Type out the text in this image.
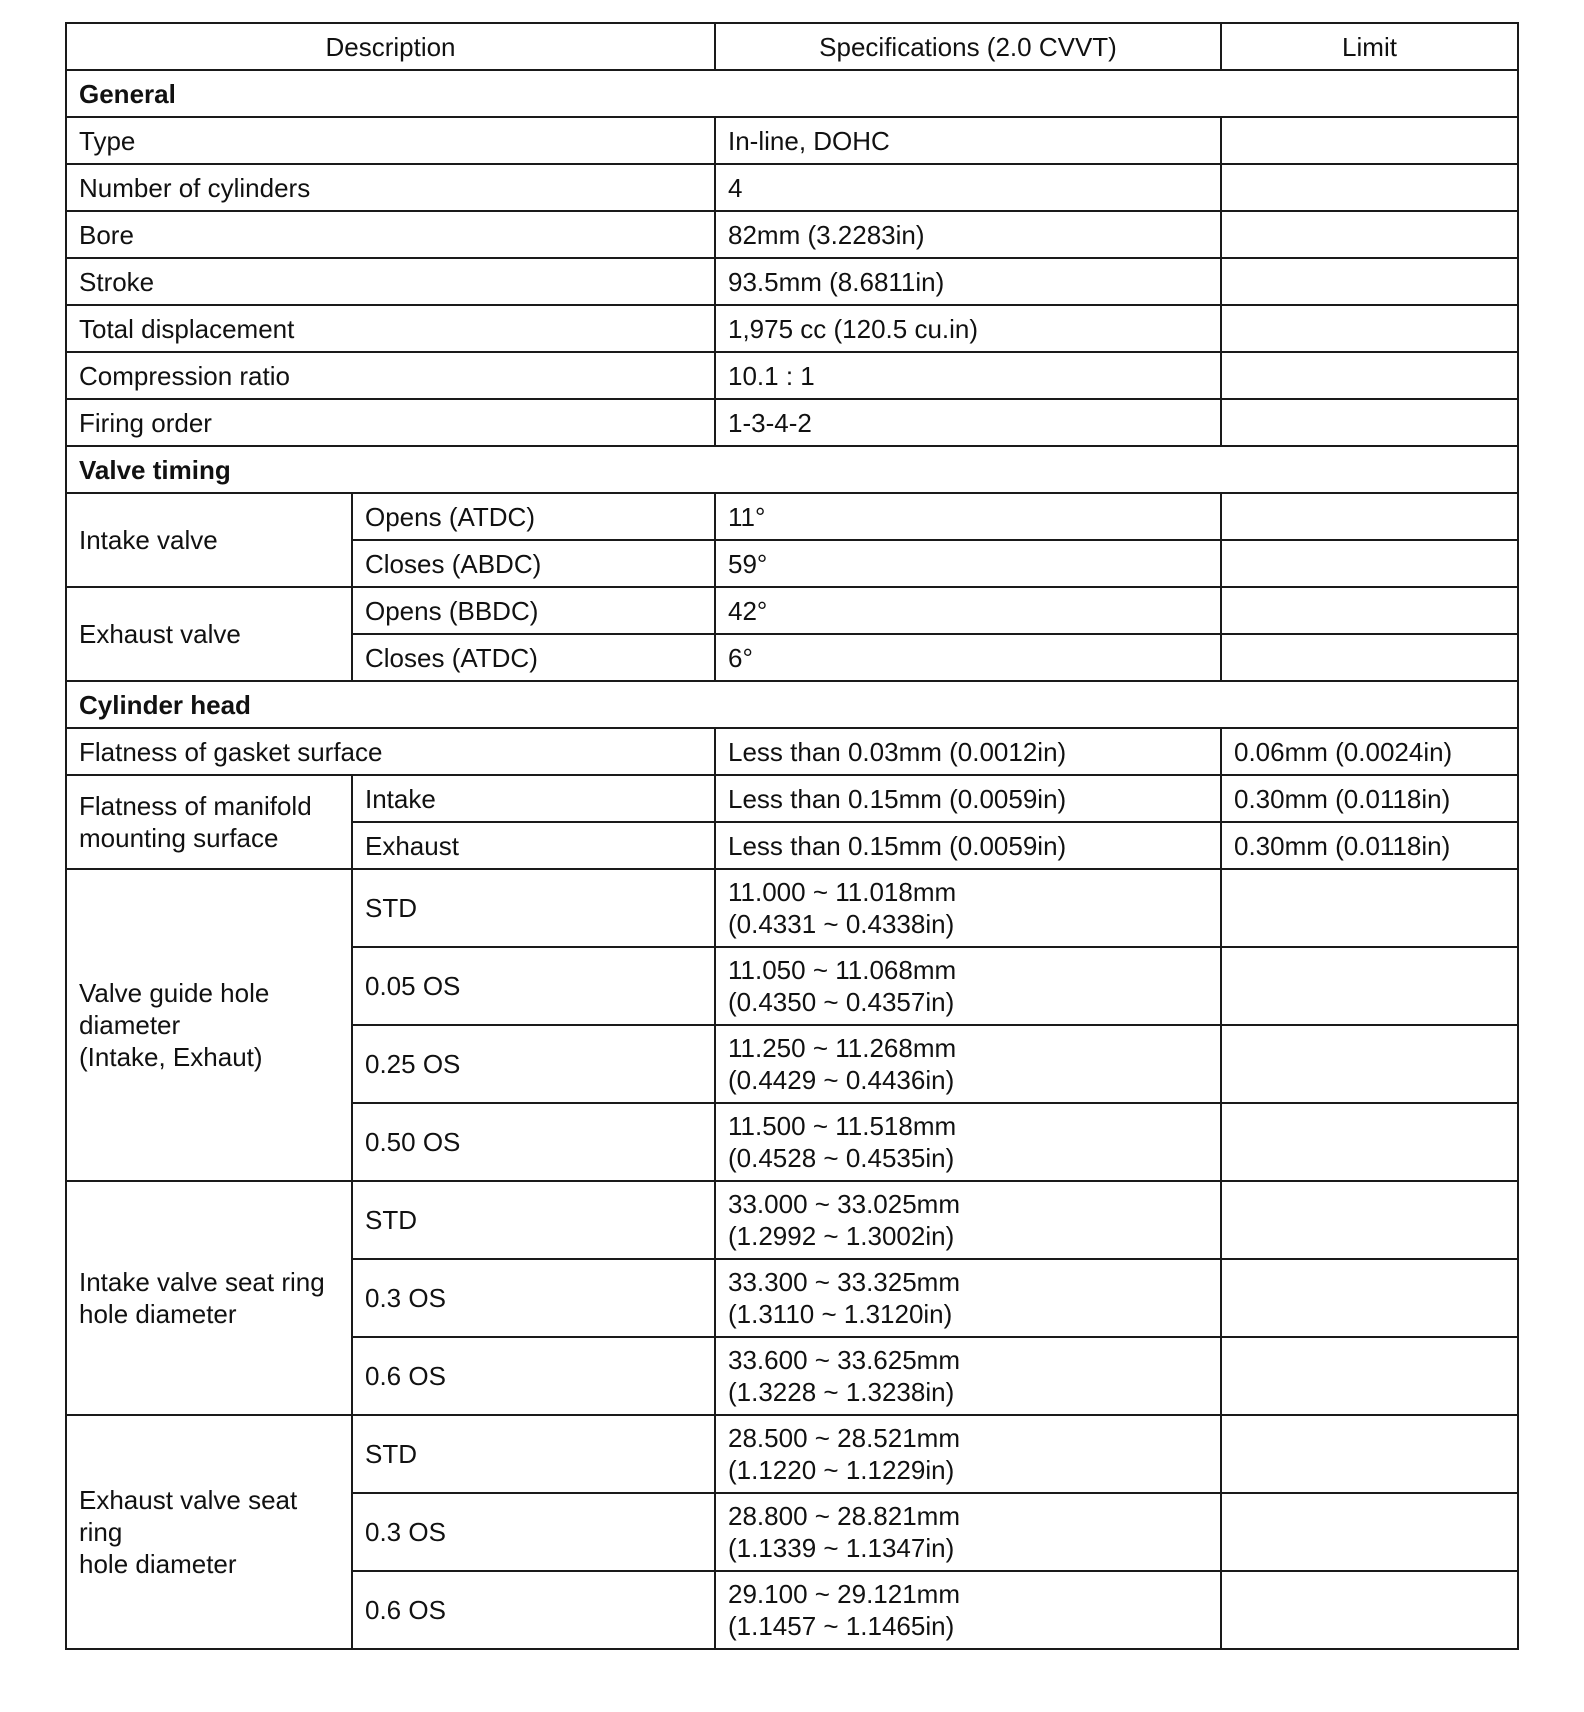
Description		Specifications (2.0 CVVT)	Limit
General			
Type		In-line, DOHC	
Number of cylinders		4	
Bore		82mm (3.2283in)	
Stroke		93.5mm (8.6811in)	
Total displacement		1,975 cc (120.5 cu.in)	
Compression ratio		10.1 : 1	
Firing order		1-3-4-2	
Valve timing			
Intake valve	Opens (ATDC)	11°	
	Closes (ABDC)	59°	
Exhaust valve	Opens (BBDC)	42°	
	Closes (ATDC)	6°	
Cylinder head			
Flatness of gasket surface		Less than 0.03mm (0.0012in)	0.06mm (0.0024in)

Flatness of manifold
mounting surface	Intake	Less than 0.15mm (0.0059in)	0.30mm (0.0118in)
	Exhaust	Less than 0.15mm (0.0059in)	0.30mm (0.0118in)

Valve guide hole
diameter
(Intake, Exhaut)	STD	11.000 ~ 11.018mm
(0.4331 ~ 0.4338in)	

	0.05 OS	11.050 ~ 11.068mm
(0.4350 ~ 0.4357in)	

	0.25 OS	11.250 ~ 11.268mm
(0.4429 ~ 0.4436in)	

	0.50 OS	11.500 ~ 11.518mm
(0.4528 ~ 0.4535in)	

Intake valve seat ring
hole diameter	STD	33.000 ~ 33.025mm
(1.2992 ~ 1.3002in)	

	0.3 OS	33.300 ~ 33.325mm
(1.3110 ~ 1.3120in)	

	0.6 OS	33.600 ~ 33.625mm
(1.3228 ~ 1.3238in)	

Exhaust valve seat
ring
hole diameter	STD	28.500 ~ 28.521mm
(1.1220 ~ 1.1229in)	

	0.3 OS	28.800 ~ 28.821mm
(1.1339 ~ 1.1347in)	

	0.6 OS	29.100 ~ 29.121mm
(1.1457 ~ 1.1465in)	
